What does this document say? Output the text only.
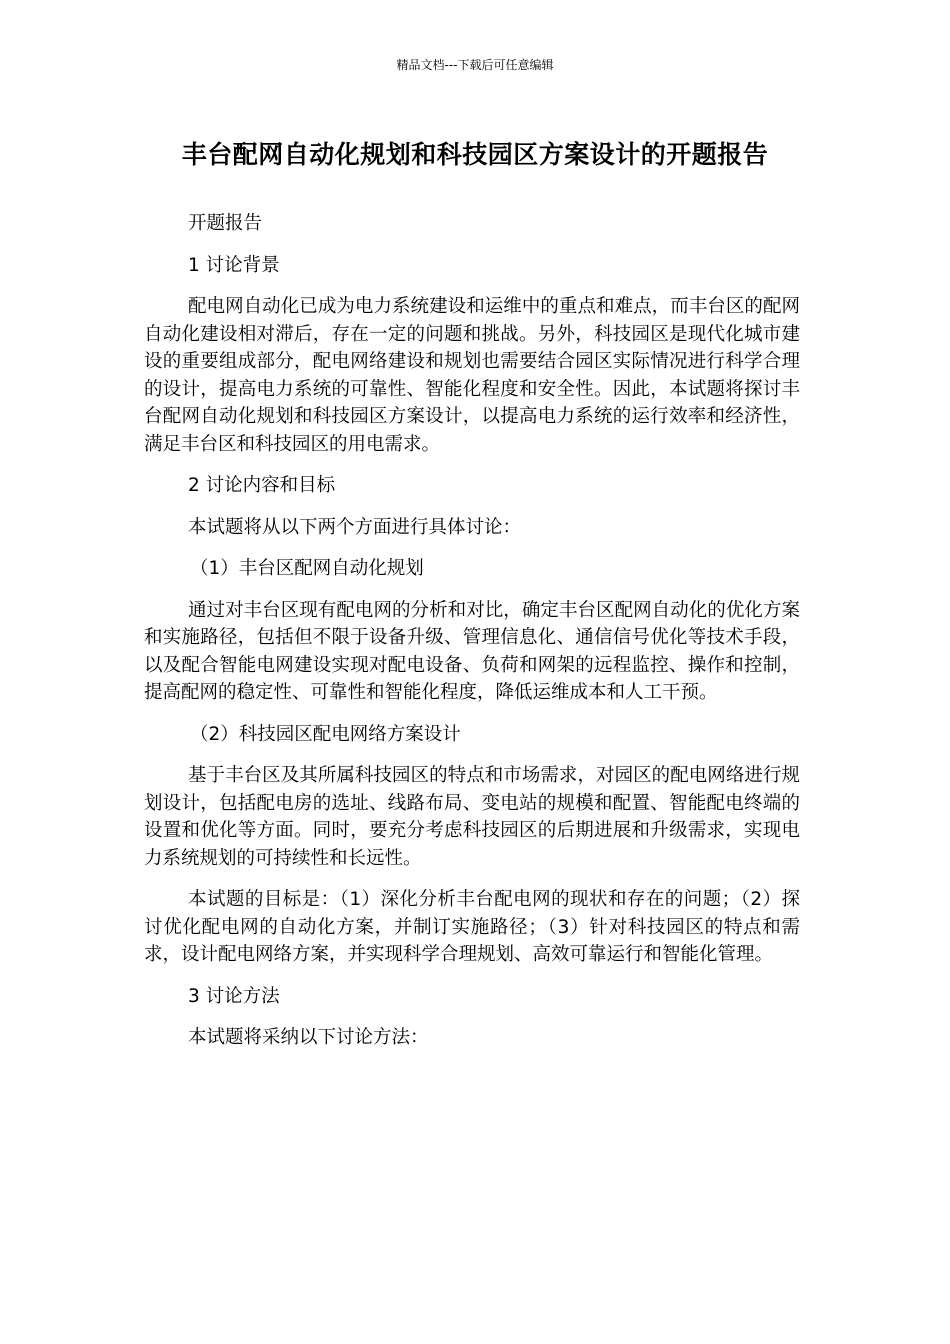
精品文档---下载后可任意编辑
丰台配网自动化规划和科技园区方案设计的开题报告

开题报告

1 讨论背景

配电网自动化已成为电力系统建设和运维中的重点和难点，而丰台区的配网自动化建设相对滞后，存在一定的问题和挑战。另外，科技园区是现代化城市建设的重要组成部分，配电网络建设和规划也需要结合园区实际情况进行科学合理的设计，提高电力系统的可靠性、智能化程度和安全性。因此，本试题将探讨丰台配网自动化规划和科技园区方案设计，以提高电力系统的运行效率和经济性，满足丰台区和科技园区的用电需求。

2 讨论内容和目标

本试题将从以下两个方面进行具体讨论：

（1）丰台区配网自动化规划

通过对丰台区现有配电网的分析和对比，确定丰台区配网自动化的优化方案和实施路径，包括但不限于设备升级、管理信息化、通信信号优化等技术手段，以及配合智能电网建设实现对配电设备、负荷和网架的远程监控、操作和控制，提高配网的稳定性、可靠性和智能化程度，降低运维成本和人工干预。

（2）科技园区配电网络方案设计

基于丰台区及其所属科技园区的特点和市场需求，对园区的配电网络进行规划设计，包括配电房的选址、线路布局、变电站的规模和配置、智能配电终端的设置和优化等方面。同时，要充分考虑科技园区的后期进展和升级需求，实现电力系统规划的可持续性和长远性。

本试题的目标是：（1）深化分析丰台配电网的现状和存在的问题；（2）探讨优化配电网的自动化方案，并制订实施路径；（3）针对科技园区的特点和需求，设计配电网络方案，并实现科学合理规划、高效可靠运行和智能化管理。

3 讨论方法

本试题将采纳以下讨论方法：
